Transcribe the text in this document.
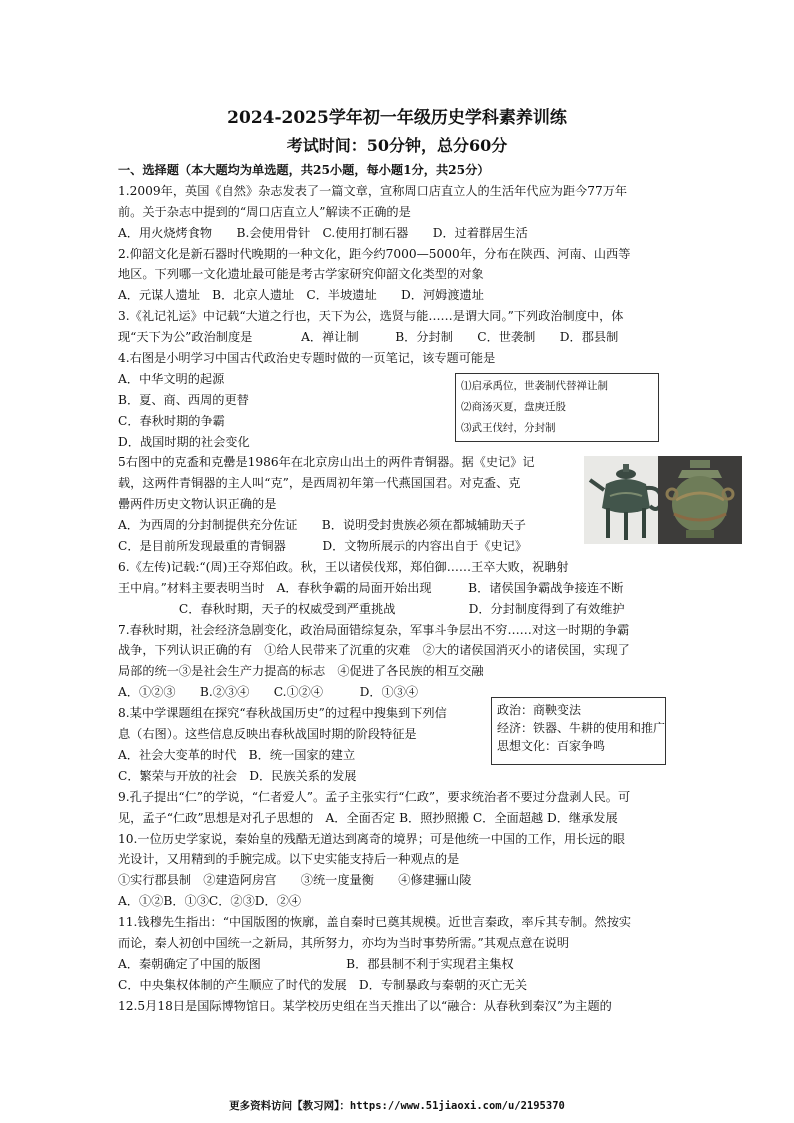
2024-2025学年初一年级历史学科素养训练
考试时间：50分钟，总分60分
一、选择题（本大题均为单选题，共25小题，每小题1分，共25分）
1.2009年，英国《自然》杂志发表了一篇文章，宣称周口店直立人的生活年代应为距今77万年
前。关于杂志中提到的“周口店直立人”解读不正确的是
A．用火烧烤食物　　B.会使用骨针　C.使用打制石器　　D．过着群居生活
2.仰韶文化是新石器时代晚期的一种文化，距今约7000—5000年，分布在陕西、河南、山西等
地区。下列哪一文化遗址最可能是考古学家研究仰韶文化类型的对象
A．元谋人遗址　B．北京人遗址　C．半坡遗址　　D．河姆渡遗址
3.《礼记礼运》中记载“大道之行也，天下为公，选贤与能……是谓大同。”下列政治制度中，体
现“天下为公”政治制度是　　　　A．禅让制　　　B．分封制　　C．世袭制　　D．郡县制
4.右图是小明学习中国古代政治史专题时做的一页笔记，该专题可能是
A．中华文明的起源
B．夏、商、西周的更替
C．春秋时期的争霸
D．战国时期的社会变化
5右图中的克盉和克罍是1986年在北京房山出土的两件青铜器。据《史记》记
载，这两件青铜器的主人叫“克”，是西周初年第一代燕国国君。对克盉、克
罍两件历史文物认识正确的是
A．为西周的分封制提供充分佐证　　B．说明受封贵族必须在都城辅助天子
C．是目前所发现最重的青铜器　　　D．文物所展示的内容出自于《史记》
6.《左传)记载:“(周)王夺郑伯政。秋，王以诸侯伐郑，郑伯御……王卒大败，祝聃射
王中肩。”材料主要表明当时　A．春秋争霸的局面开始出现　　　B．诸侯国争霸战争接连不断
　　　　　C．春秋时期，天子的权威受到严重挑战　　　　　　D．分封制度得到了有效维护
7.春秋时期，社会经济急剧变化，政治局面错综复杂，军事斗争层出不穷……对这一时期的争霸
战争，下列认识正确的有　①给人民带来了沉重的灾难　②大的诸侯国消灭小的诸侯国，实现了
局部的统一③是社会生产力提高的标志　④促进了各民族的相互交融
A．①②③　　B.②③④　　C.①②④　　　D．①③④
8.某中学课题组在探究“春秋战国历史”的过程中搜集到下列信
息（右图）。这些信息反映出春秋战国时期的阶段特征是
A．社会大变革的时代　B．统一国家的建立
C．繁荣与开放的社会　D．民族关系的发展
9.孔子提出“仁”的学说，“仁者爱人”。孟子主张实行“仁政”，要求统治者不要过分盘剥人民。可
见，孟子“仁政”思想是对孔子思想的　A．全面否定 B．照抄照搬 C．全面超越 D．继承发展
10.一位历史学家说，秦始皇的残酷无道达到离奇的境界；可是他统一中国的工作，用长远的眼
光设计，又用精到的手腕完成。以下史实能支持后一种观点的是
①实行郡县制　②建造阿房宫　　③统一度量衡　　④修建骊山陵
A．①②B．①③C．②③D．②④
11.钱穆先生指出：“中国版图的恢廓，盖自秦时已奠其规模。近世言秦政，率斥其专制。然按实
而论，秦人初创中国统一之新局，其所努力，亦均为当时事势所需。”其观点意在说明
A．秦朝确定了中国的版图　　　　　　　B．郡县制不利于实现君主集权
C．中央集权体制的产生顺应了时代的发展　D．专制暴政与秦朝的灭亡无关
12.5月18日是国际博物馆日。某学校历史组在当天推出了以“融合：从春秋到秦汉”为主题的
⑴启承禹位，世袭制代替禅让制
⑵商汤灭夏，盘庚迁殷
⑶武王伐纣，分封制
政治：商鞅变法
经济：铁器、牛耕的使用和推广
思想文化：百家争鸣
更多资料访问【教习网】：https://www.51jiaoxi.com/u/2195370
